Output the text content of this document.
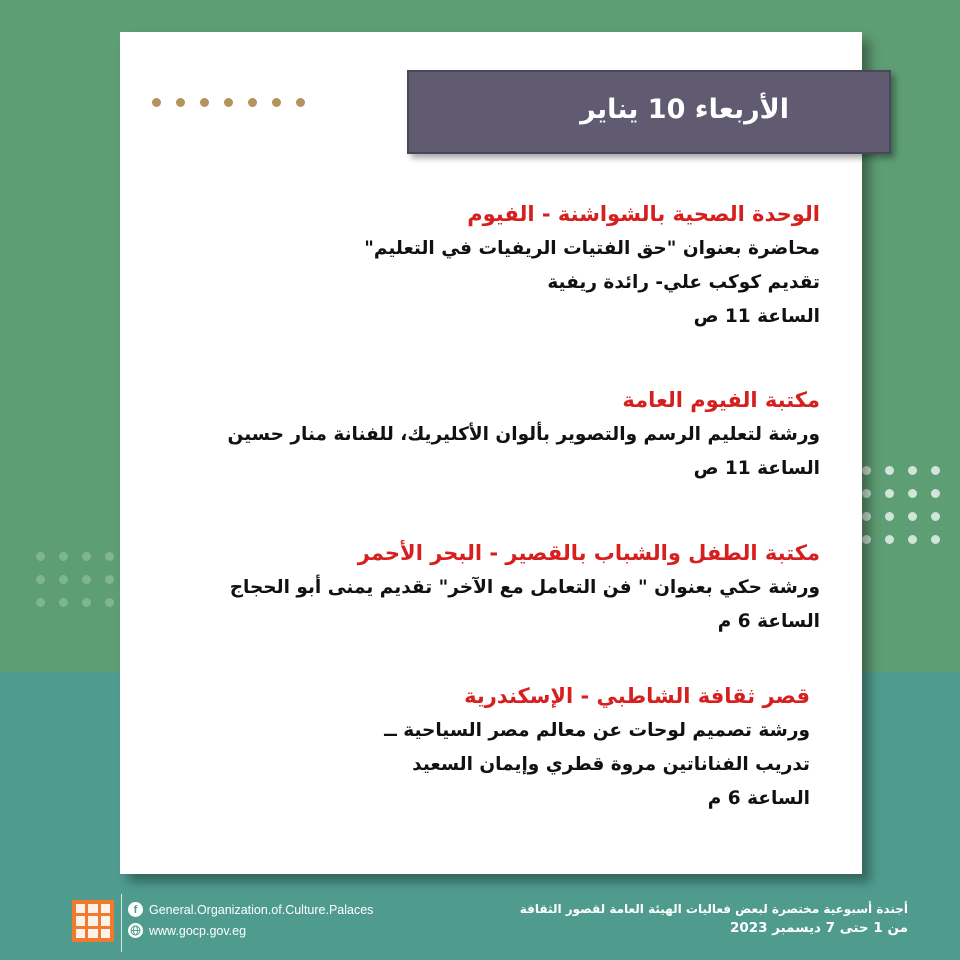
الأربعاء 10 يناير
الوحدة الصحية بالشواشنة - الفيوم
محاضرة بعنوان "حق الفتيات الريفيات في التعليم"
تقديم كوكب علي- رائدة ريفية
الساعة 11 ص
مكتبة الفيوم العامة
ورشة لتعليم الرسم والتصوير بألوان الأكليريك، للفنانة منار حسين
الساعة 11 ص
مكتبة الطفل والشباب بالقصير - البحر الأحمر
ورشة حكي بعنوان " فن التعامل مع الآخر" تقديم يمنى أبو الحجاج
الساعة 6 م
قصر ثقافة الشاطبي - الإسكندرية
ورشة تصميم لوحات عن معالم مصر السياحية ــ
تدريب الفناناتين مروة قطري وإيمان السعيد
الساعة 6 م
f General.Organization.of.Culture.Palaces
www.gocp.gov.eg
أجندة أسبوعية مختصرة لبعض فعاليات الهيئة العامة لقصور الثقافة
من 1 حتى 7 ديسمبر 2023
